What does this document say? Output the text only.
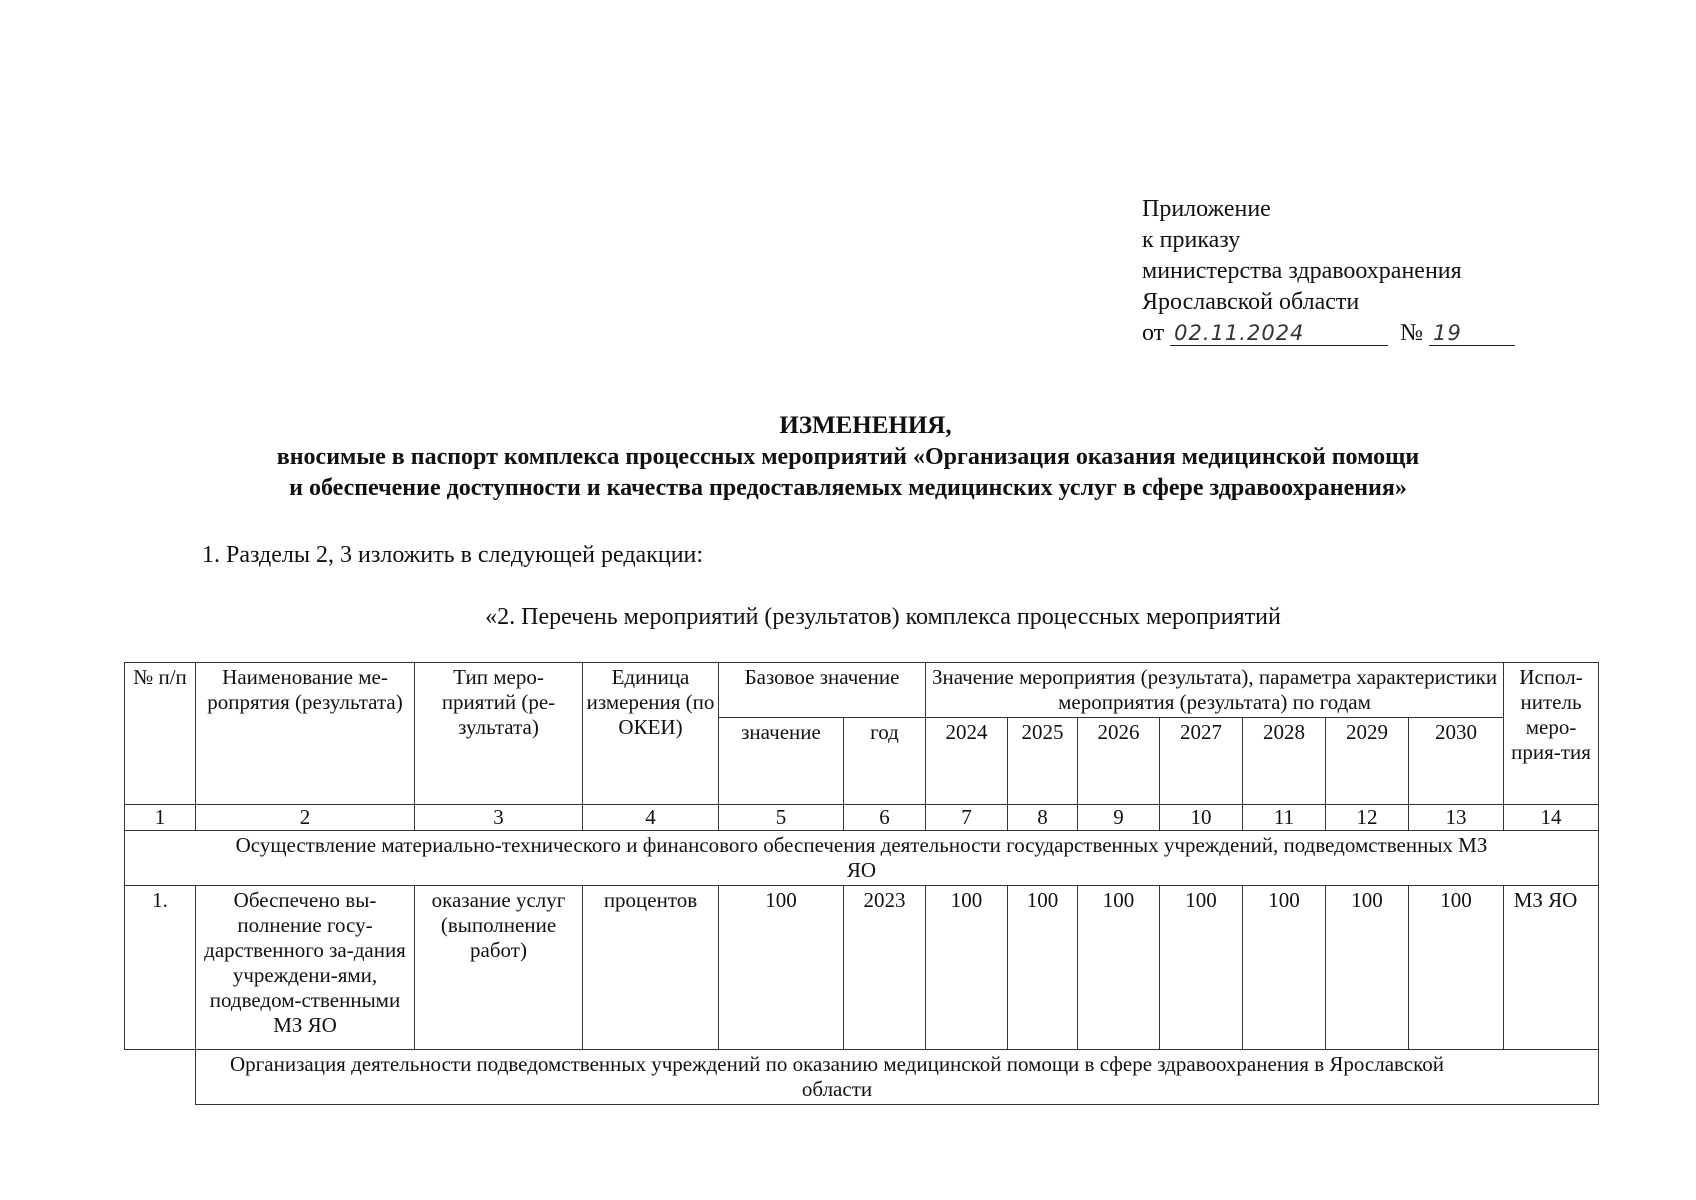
Приложение
к приказу
министерства здравоохранения
Ярославской области
от 02.11.2024	№ 19
ИЗМЕНЕНИЯ,
вносимые в паспорт комплекса процессных мероприятий «Организация оказания медицинской помощи
и обеспечение доступности и качества предоставляемых медицинских услуг в сфере здравоохранения»
1. Разделы 2, 3 изложить в следующей редакции:
«2. Перечень мероприятий (результатов) комплекса процессных мероприятий
№ п/п	Наименование ме-ропрятия (результата)	Тип меро-приятий (ре-зультата)	Единица измерения (по ОКЕИ)	Базовое значение		Значение мероприятия (результата), параметра характеристики мероприятия (результата) по годам							Испол-нитель меро-прия-тия
				значение	год	2024	2025	2026	2027	2028	2029	2030	
1	2	3	4	5	6	7	8	9	10	11	12	13	14
Осуществление материально-технического и финансового обеспечения деятельности государственных учреждений, подведомственных МЗ ЯО													
1.	Обеспечено вы-полнение госу-дарственного за-дания учреждени-ями, подведом-ственными МЗ ЯО	оказание услуг (выполнение работ)	процентов	100	2023	100	100	100	100	100	100	100	МЗ ЯО
	Организация деятельности подведомственных учреждений по оказанию медицинской помощи в сфере здравоохранения в Ярославской области												
